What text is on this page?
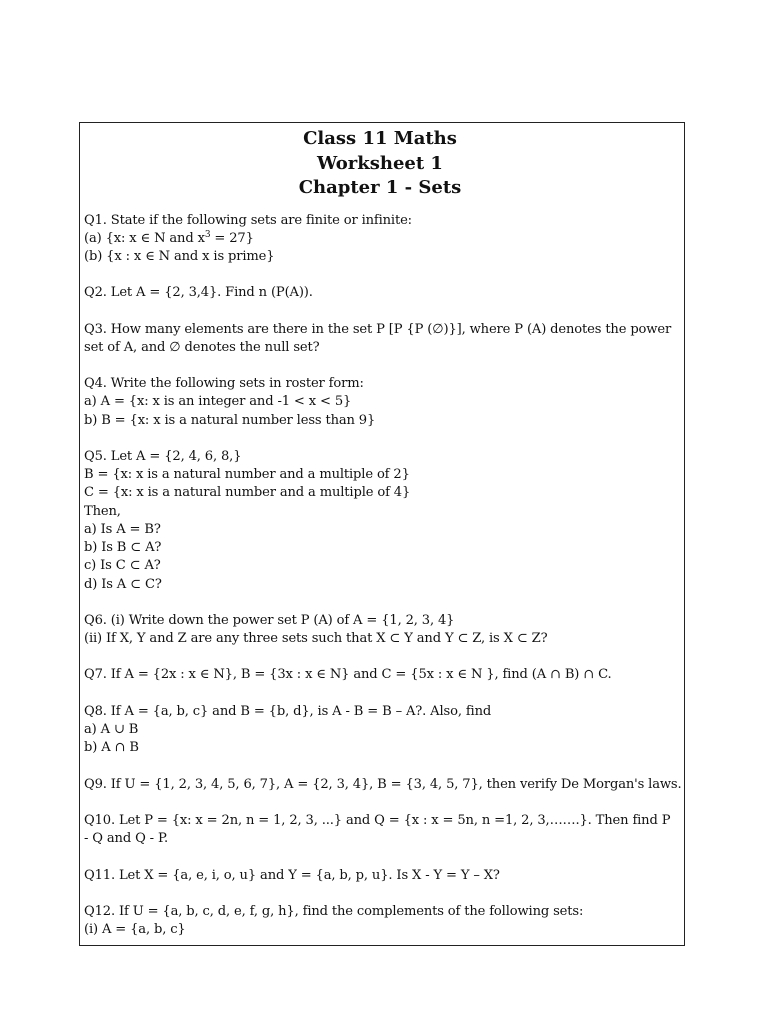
Class 11 Maths
Worksheet 1
Chapter 1 - Sets
Q1. State if the following sets are finite or infinite:
(a) {x: x ∈ N and $x^3 = 27$}
(b) {x : x ∈ N and x is prime}
Q2. Let A = {2, 3,4}. Find n (P(A)).
Q3. How many elements are there in the set P [P {P (∅)}], where P (A) denotes the power set of A, and ∅ denotes the null set?
Q4. Write the following sets in roster form:
a) A = {x: x is an integer and -1 < x < 5}
b) B = {x: x is a natural number less than 9}
Q5. Let A = {2, 4, 6, 8,}
B = {x: x is a natural number and a multiple of 2}
C = {x: x is a natural number and a multiple of 4}
Then,
a) Is A = B?
b) Is B ⊂ A?
c) Is C ⊂ A?
d) Is A ⊂ C?
Q6. (i) Write down the power set P (A) of A = {1, 2, 3, 4}
(ii) If X, Y and Z are any three sets such that X ⊂ Y and Y ⊂ Z, is X ⊂ Z?
Q7. If A = {2x : x ∈ N}, B = {3x : x ∈ N} and C = {5x : x ∈ N }, find (A ∩ B) ∩ C.
Q8. If A = {a, b, c} and B = {b, d}, is A - B = B – A?. Also, find
a) A ∪ B
b) A ∩ B
Q9. If U = {1, 2, 3, 4, 5, 6, 7}, A = {2, 3, 4}, B = {3, 4, 5, 7}, then verify De Morgan's laws.
Q10. Let P = {x: x = 2n, n = 1, 2, 3, ...} and Q = {x : x = 5n, n =1, 2, 3,…….}. Then find P - Q and Q - P.
Q11. Let X = {a, e, i, o, u} and Y = {a, b, p, u}. Is X - Y = Y – X?
Q12. If U = {a, b, c, d, e, f, g, h}, find the complements of the following sets:
(i) A = {a, b, c}
